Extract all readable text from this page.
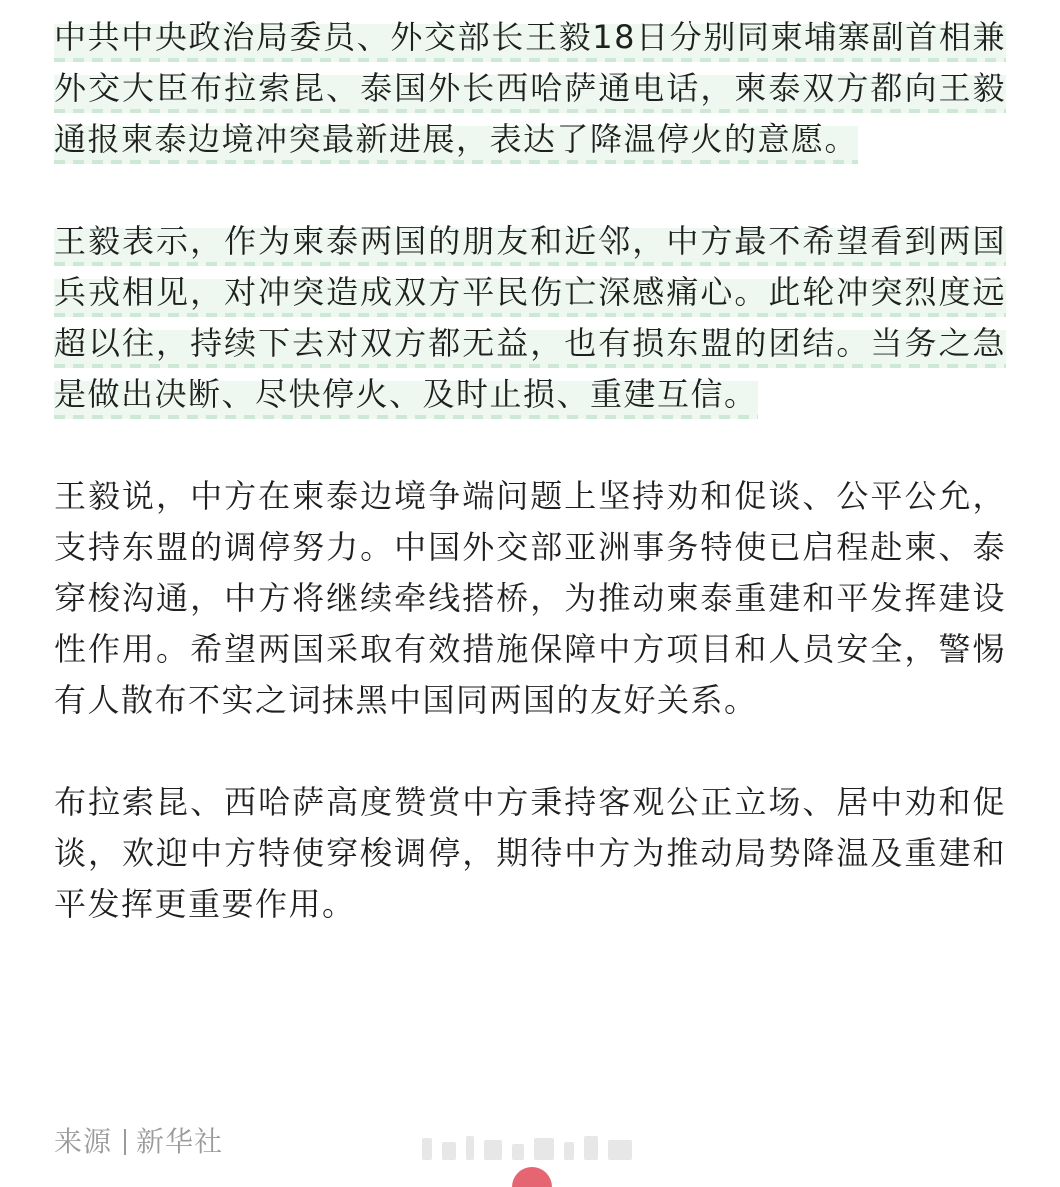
中共中央政治局委员、外交部长王毅18日分别同柬埔寨副首相兼外交大臣布拉索昆、泰国外长西哈萨通电话，柬泰双方都向王毅通报柬泰边境冲突最新进展，表达了降温停火的意愿。

王毅表示，作为柬泰两国的朋友和近邻，中方最不希望看到两国兵戎相见，对冲突造成双方平民伤亡深感痛心。此轮冲突烈度远超以往，持续下去对双方都无益，也有损东盟的团结。当务之急是做出决断、尽快停火、及时止损、重建互信。

王毅说，中方在柬泰边境争端问题上坚持劝和促谈、公平公允，支持东盟的调停努力。中国外交部亚洲事务特使已启程赴柬、泰穿梭沟通，中方将继续牵线搭桥，为推动柬泰重建和平发挥建设性作用。希望两国采取有效措施保障中方项目和人员安全，警惕有人散布不实之词抹黑中国同两国的友好关系。

布拉索昆、西哈萨高度赞赏中方秉持客观公正立场、居中劝和促谈，欢迎中方特使穿梭调停，期待中方为推动局势降温及重建和平发挥更重要作用。

来源 新华社
